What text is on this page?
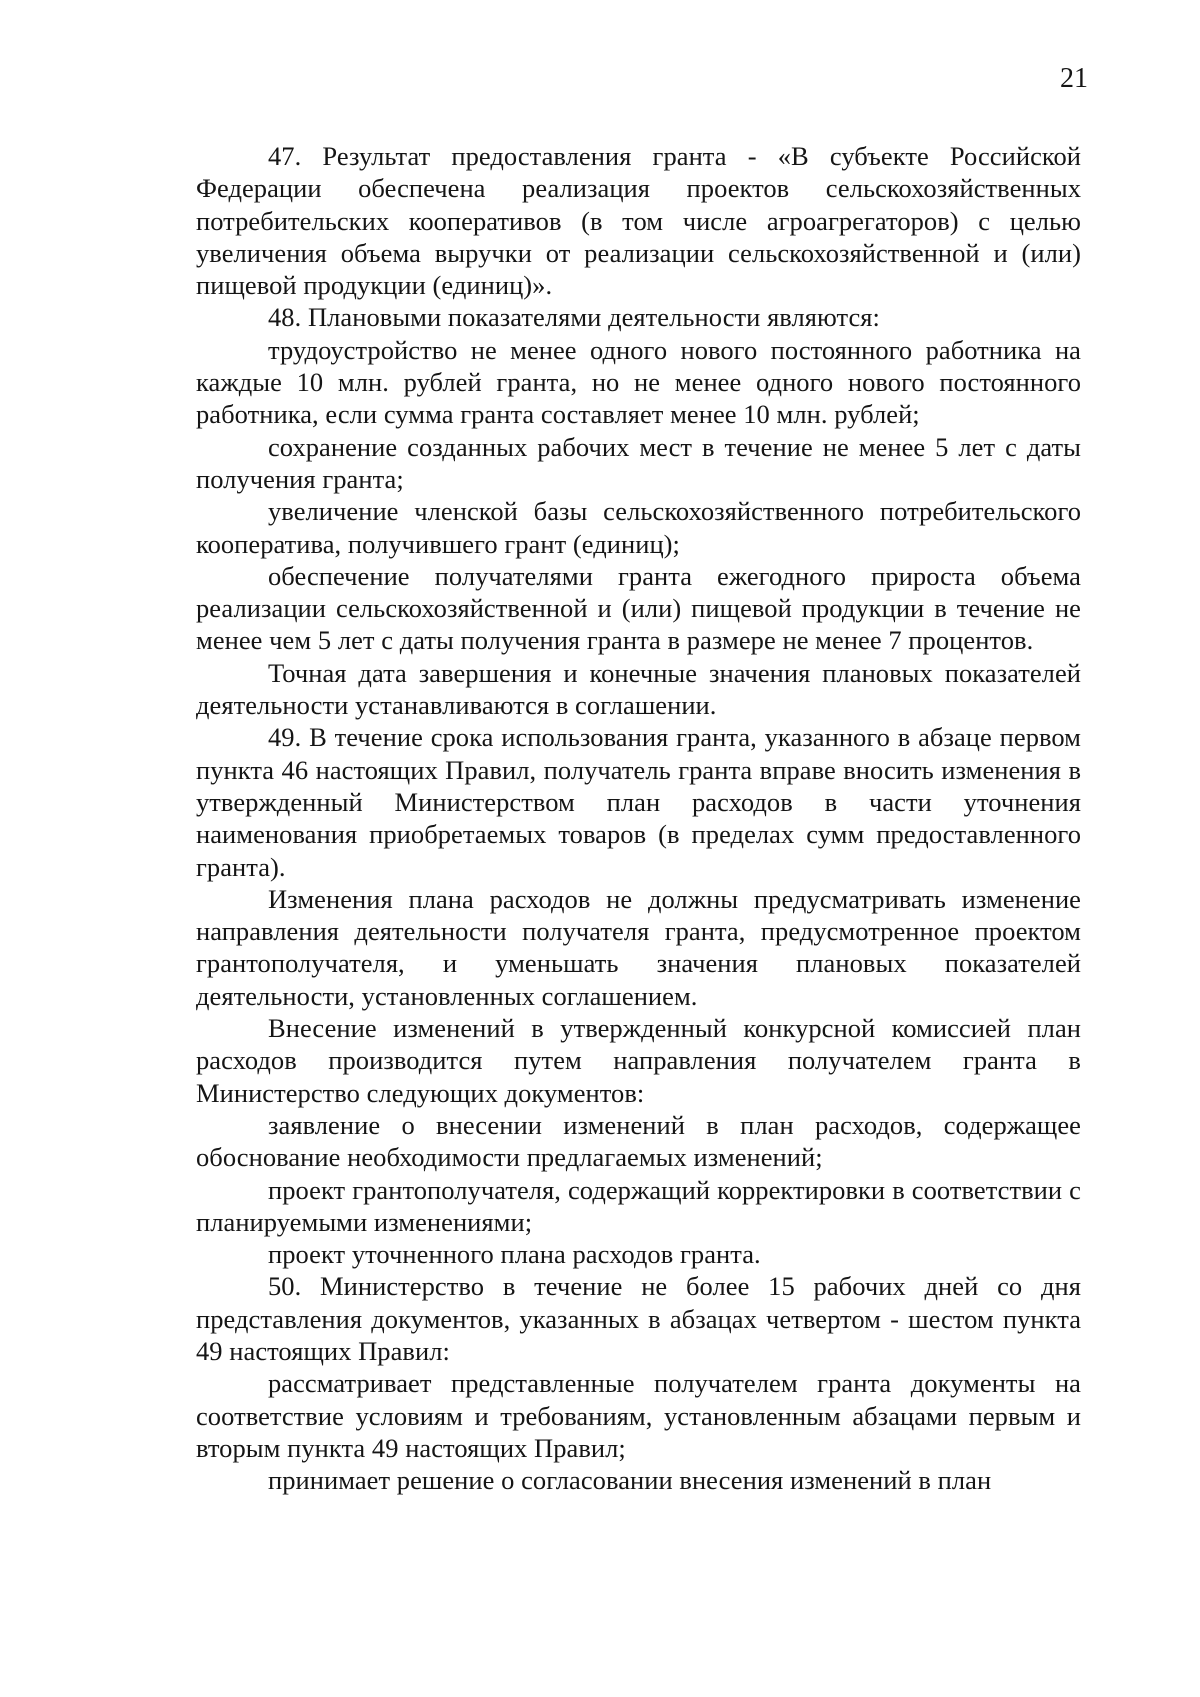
21

47. Результат предоставления гранта - «В субъекте Российской Федерации обеспечена реализация проектов сельскохозяйственных потребительских кооперативов (в том числе агроагрегаторов) с целью увеличения объема выручки от реализации сельскохозяйственной и (или) пищевой продукции (единиц)».

48. Плановыми показателями деятельности являются:

трудоустройство не менее одного нового постоянного работника на каждые 10 млн. рублей гранта, но не менее одного нового постоянного работника, если сумма гранта составляет менее 10 млн. рублей;

сохранение созданных рабочих мест в течение не менее 5 лет с даты получения гранта;

увеличение членской базы сельскохозяйственного потребительского кооператива, получившего грант (единиц);

обеспечение получателями гранта ежегодного прироста объема реализации сельскохозяйственной и (или) пищевой продукции в течение не менее чем 5 лет с даты получения гранта в размере не менее 7 процентов.

Точная дата завершения и конечные значения плановых показателей деятельности устанавливаются в соглашении.

49. В течение срока использования гранта, указанного в абзаце первом пункта 46 настоящих Правил, получатель гранта вправе вносить изменения в утвержденный Министерством план расходов в части уточнения наименования приобретаемых товаров (в пределах сумм предоставленного гранта).

Изменения плана расходов не должны предусматривать изменение направления деятельности получателя гранта, предусмотренное проектом грантополучателя, и уменьшать значения плановых показателей деятельности, установленных соглашением.

Внесение изменений в утвержденный конкурсной комиссией план расходов производится путем направления получателем гранта в Министерство следующих документов:

заявление о внесении изменений в план расходов, содержащее обоснование необходимости предлагаемых изменений;

проект грантополучателя, содержащий корректировки в соответствии с планируемыми изменениями;

проект уточненного плана расходов гранта.

50. Министерство в течение не более 15 рабочих дней со дня представления документов, указанных в абзацах четвертом - шестом пункта 49 настоящих Правил:

рассматривает представленные получателем гранта документы на соответствие условиям и требованиям, установленным абзацами первым и вторым пункта 49 настоящих Правил;

принимает решение о согласовании внесения изменений в план
